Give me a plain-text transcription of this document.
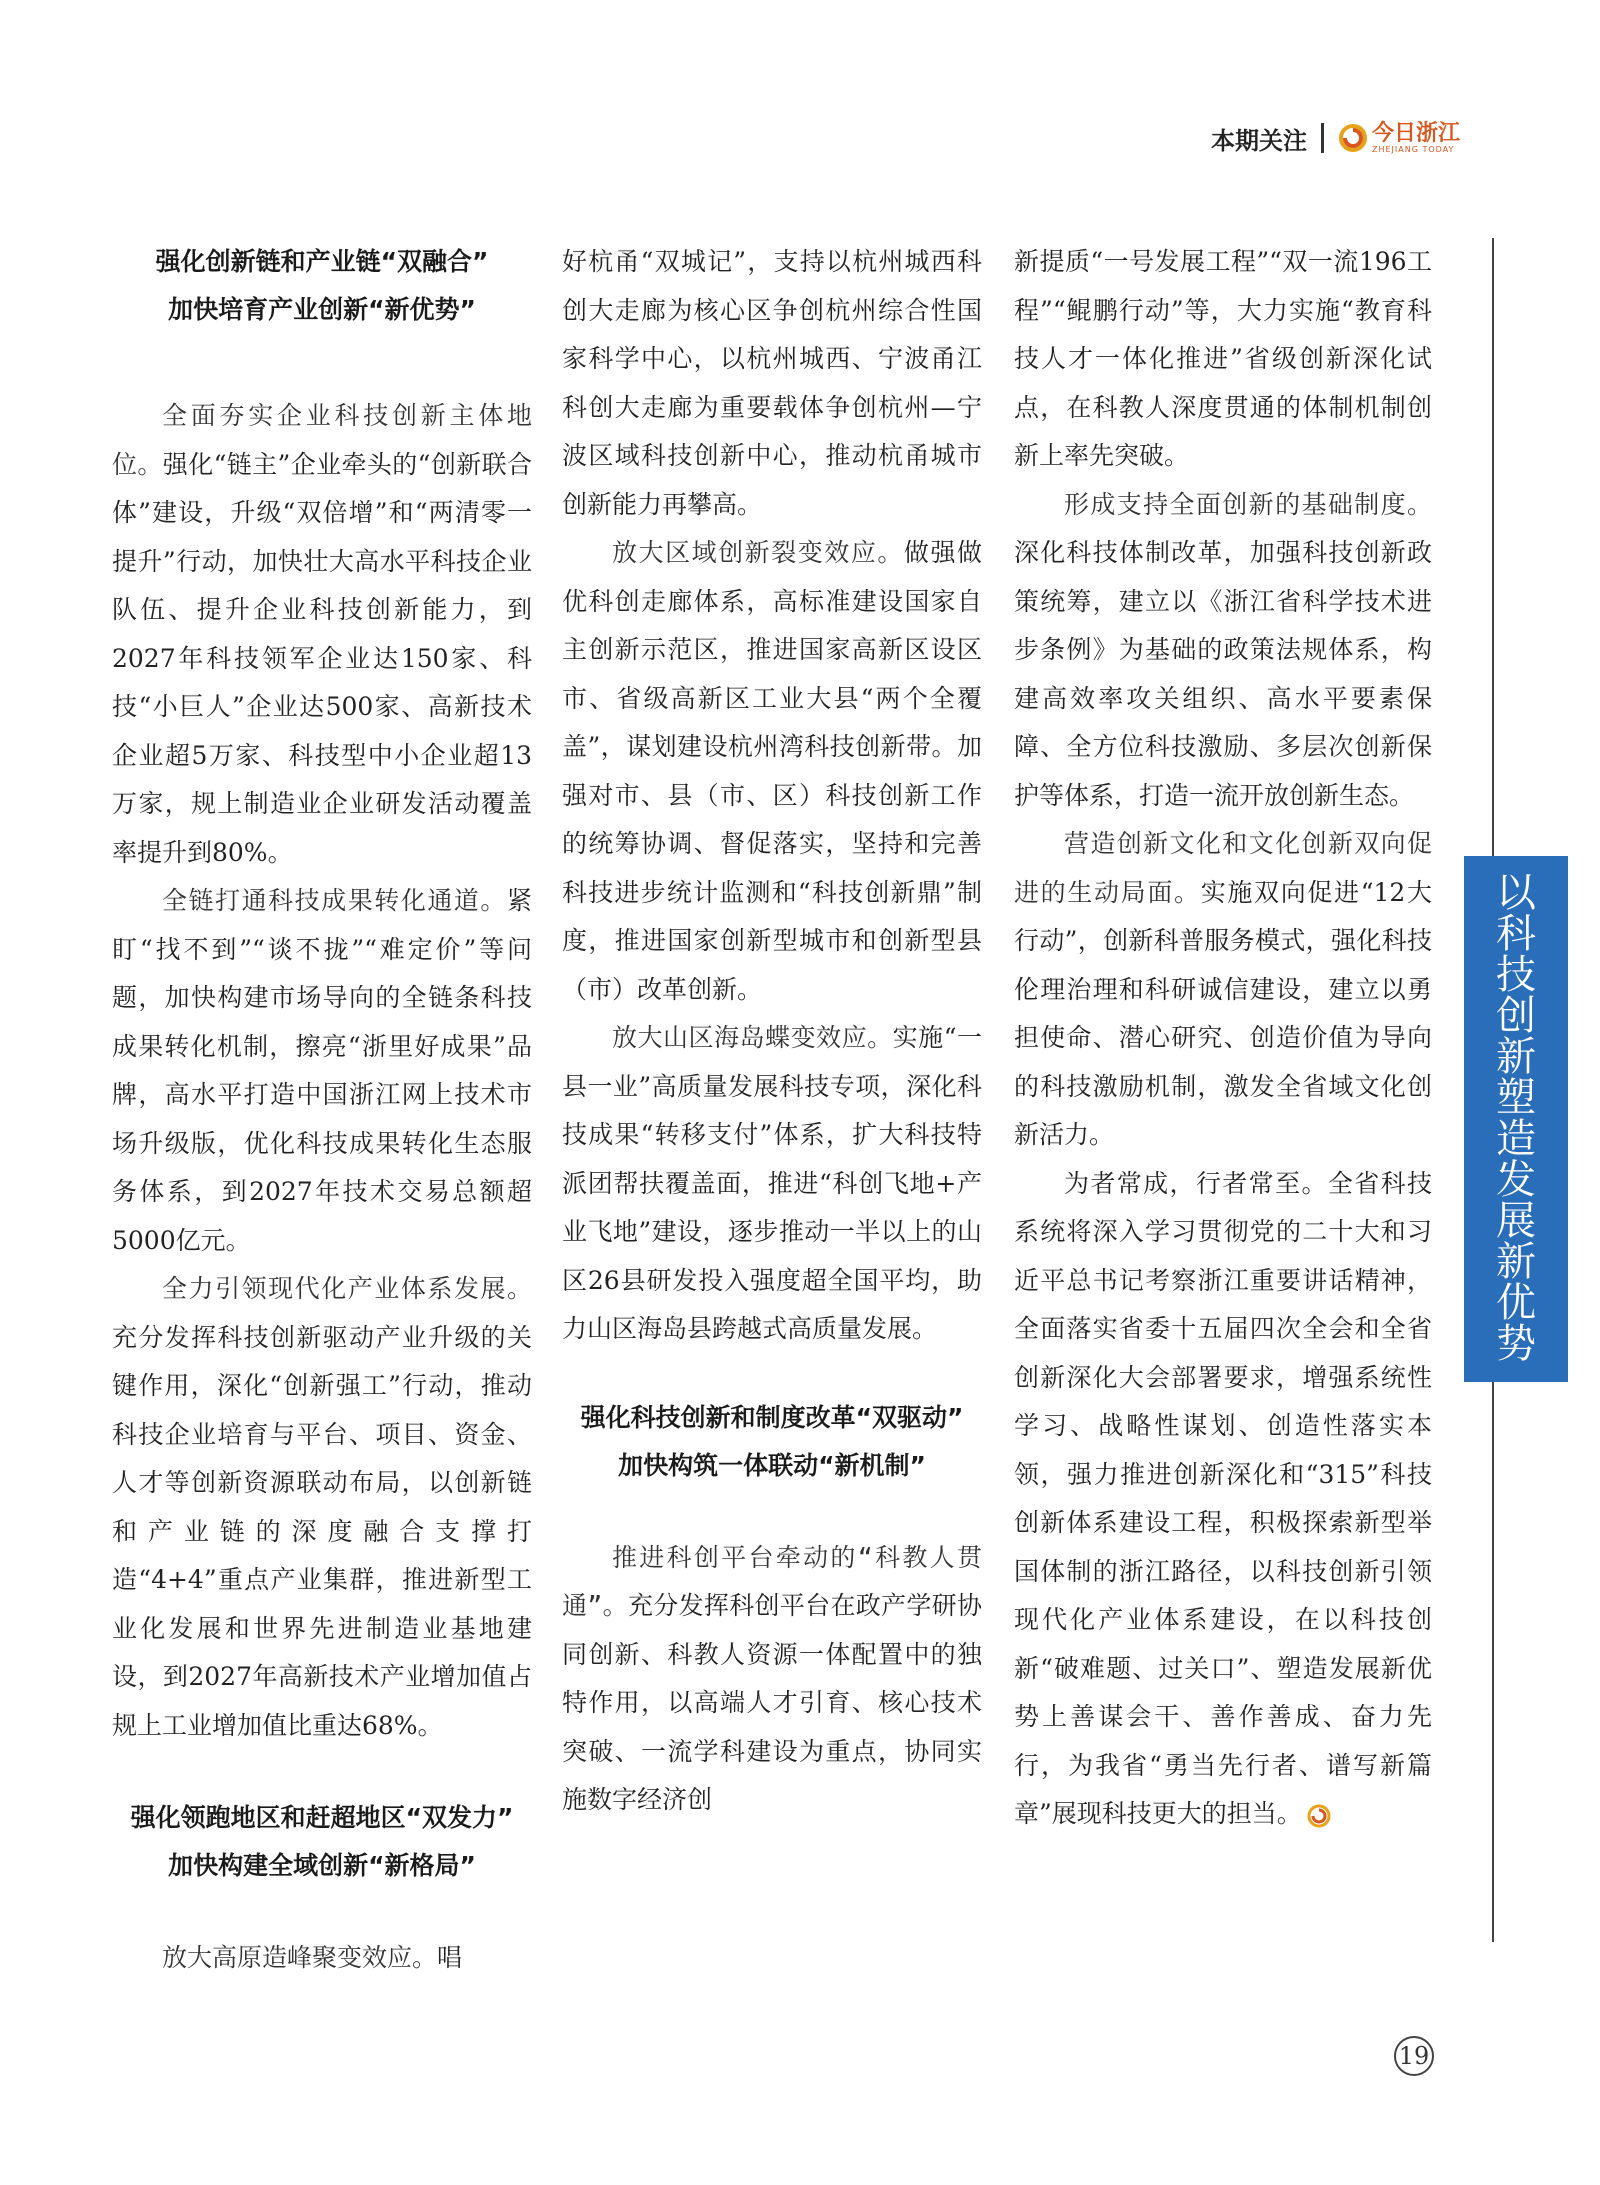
本期关注	今日浙江
ZHEJIANG TODAY
强化创新链和产业链“双融合”
加快培育产业创新“新优势”

全面夯实企业科技创新主体地位。强化“链主”企业牵头的“创新联合体”建设，升级“双倍增”和“两清零一提升”行动，加快壮大高水平科技企业队伍、提升企业科技创新能力，到2027年科技领军企业达150家、科技“小巨人”企业达500家、高新技术企业超5万家、科技型中小企业超13万家，规上制造业企业研发活动覆盖率提升到80%。

全链打通科技成果转化通道。紧盯“找不到”“谈不拢”“难定价”等问题，加快构建市场导向的全链条科技成果转化机制，擦亮“浙里好成果”品牌，高水平打造中国浙江网上技术市场升级版，优化科技成果转化生态服务体系，到2027年技术交易总额超5000亿元。

全力引领现代化产业体系发展。充分发挥科技创新驱动产业升级的关键作用，深化“创新强工”行动，推动科技企业培育与平台、项目、资金、人才等创新资源联动布局，以创新链和产业链的深度融合支撑打造“4+4”重点产业集群，推进新型工业化发展和世界先进制造业基地建设，到2027年高新技术产业增加值占规上工业增加值比重达68%。

强化领跑地区和赶超地区“双发力”
加快构建全域创新“新格局”

放大高原造峰聚变效应。唱

好杭甬“双城记”，支持以杭州城西科创大走廊为核心区争创杭州综合性国家科学中心，以杭州城西、宁波甬江科创大走廊为重要载体争创杭州—宁波区域科技创新中心，推动杭甬城市创新能力再攀高。

放大区域创新裂变效应。做强做优科创走廊体系，高标准建设国家自主创新示范区，推进国家高新区设区市、省级高新区工业大县“两个全覆盖”，谋划建设杭州湾科技创新带。加强对市、县（市、区）科技创新工作的统筹协调、督促落实，坚持和完善科技进步统计监测和“科技创新鼎”制度，推进国家创新型城市和创新型县（市）改革创新。

放大山区海岛蝶变效应。实施“一县一业”高质量发展科技专项，深化科技成果“转移支付”体系，扩大科技特派团帮扶覆盖面，推进“科创飞地+产业飞地”建设，逐步推动一半以上的山区26县研发投入强度超全国平均，助力山区海岛县跨越式高质量发展。

强化科技创新和制度改革“双驱动”
加快构筑一体联动“新机制”

推进科创平台牵动的“科教人贯通”。充分发挥科创平台在政产学研协同创新、科教人资源一体配置中的独特作用，以高端人才引育、核心技术突破、一流学科建设为重点，协同实施数字经济创

新提质“一号发展工程”“双一流196工程”“鲲鹏行动”等，大力实施“教育科技人才一体化推进”省级创新深化试点，在科教人深度贯通的体制机制创新上率先突破。

形成支持全面创新的基础制度。深化科技体制改革，加强科技创新政策统筹，建立以《浙江省科学技术进步条例》为基础的政策法规体系，构建高效率攻关组织、高水平要素保障、全方位科技激励、多层次创新保护等体系，打造一流开放创新生态。

营造创新文化和文化创新双向促进的生动局面。实施双向促进“12大行动”，创新科普服务模式，强化科技伦理治理和科研诚信建设，建立以勇担使命、潜心研究、创造价值为导向的科技激励机制，激发全省域文化创新活力。

为者常成，行者常至。全省科技系统将深入学习贯彻党的二十大和习近平总书记考察浙江重要讲话精神，全面落实省委十五届四次全会和全省创新深化大会部署要求，增强系统性学习、战略性谋划、创造性落实本领，强力推进创新深化和“315”科技创新体系建设工程，积极探索新型举国体制的浙江路径，以科技创新引领现代化产业体系建设，在以科技创新“破难题、过关口”、塑造发展新优势上善谋会干、善作善成、奋力先行，为我省“勇当先行者、谱写新篇章”展现科技更大的担当。

以
科
技
创
新
塑
造
发
展
新
优
势
19
